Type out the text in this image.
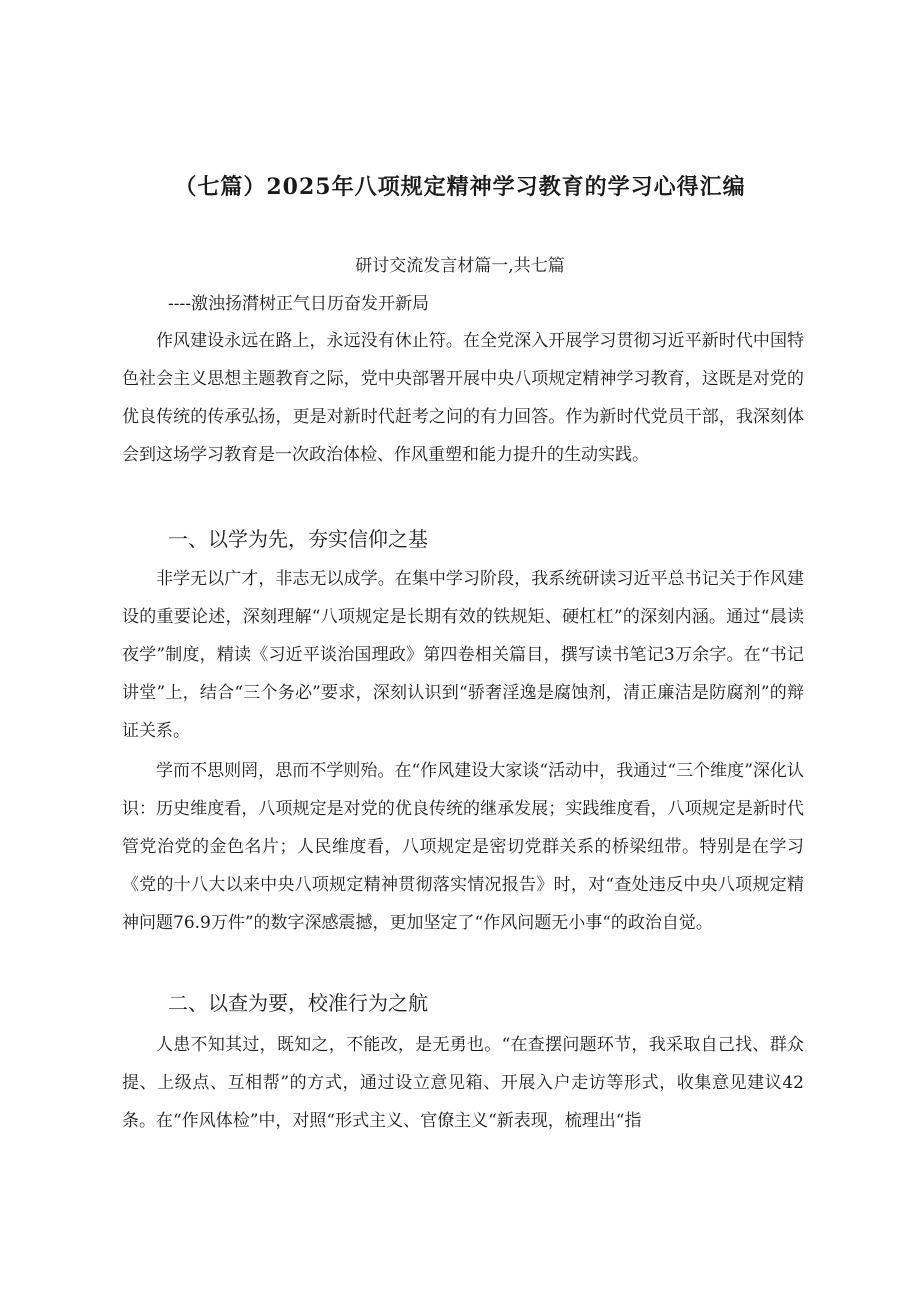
（七篇）2025年八项规定精神学习教育的学习心得汇编

研讨交流发言材篇一,共七篇

----激浊扬潸树正气日历奋发开新局

作风建设永远在路上，永远没有休止符。在全党深入开展学习贯彻习近平新时代中国特色社会主义思想主题教育之际，党中央部署开展中央八项规定精神学习教育，这既是对党的优良传统的传承弘扬，更是对新时代赶考之问的有力回答。作为新时代党员干部，我深刻体会到这场学习教育是一次政治体检、作风重塑和能力提升的生动实践。

一、以学为先，夯实信仰之基

非学无以广才，非志无以成学。在集中学习阶段，我系统研读习近平总书记关于作风建设的重要论述，深刻理解“八项规定是长期有效的铁规矩、硬杠杠”的深刻内涵。通过“晨读夜学”制度，精读《习近平谈治国理政》第四卷相关篇目，撰写读书笔记3万余字。在“书记讲堂”上，结合“三个务必”要求，深刻认识到“骄奢淫逸是腐蚀剂，清正廉洁是防腐剂”的辩证关系。

学而不思则罔，思而不学则殆。在“作风建设大家谈“活动中，我通过“三个维度”深化认识：历史维度看，八项规定是对党的优良传统的继承发展；实践维度看，八项规定是新时代管党治党的金色名片；人民维度看，八项规定是密切党群关系的桥梁纽带。特别是在学习《党的十八大以来中央八项规定精神贯彻落实情况报告》时，对“查处违反中央八项规定精神问题76.9万件”的数字深感震撼，更加坚定了“作风问题无小事“的政治自觉。

二、以查为要，校准行为之航

人患不知其过，既知之，不能改，是无勇也。“在查摆问题环节，我采取自己找、群众提、上级点、互相帮”的方式，通过设立意见箱、开展入户走访等形式，收集意见建议42条。在“作风体检”中，对照“形式主义、官僚主义“新表现，梳理出“指
